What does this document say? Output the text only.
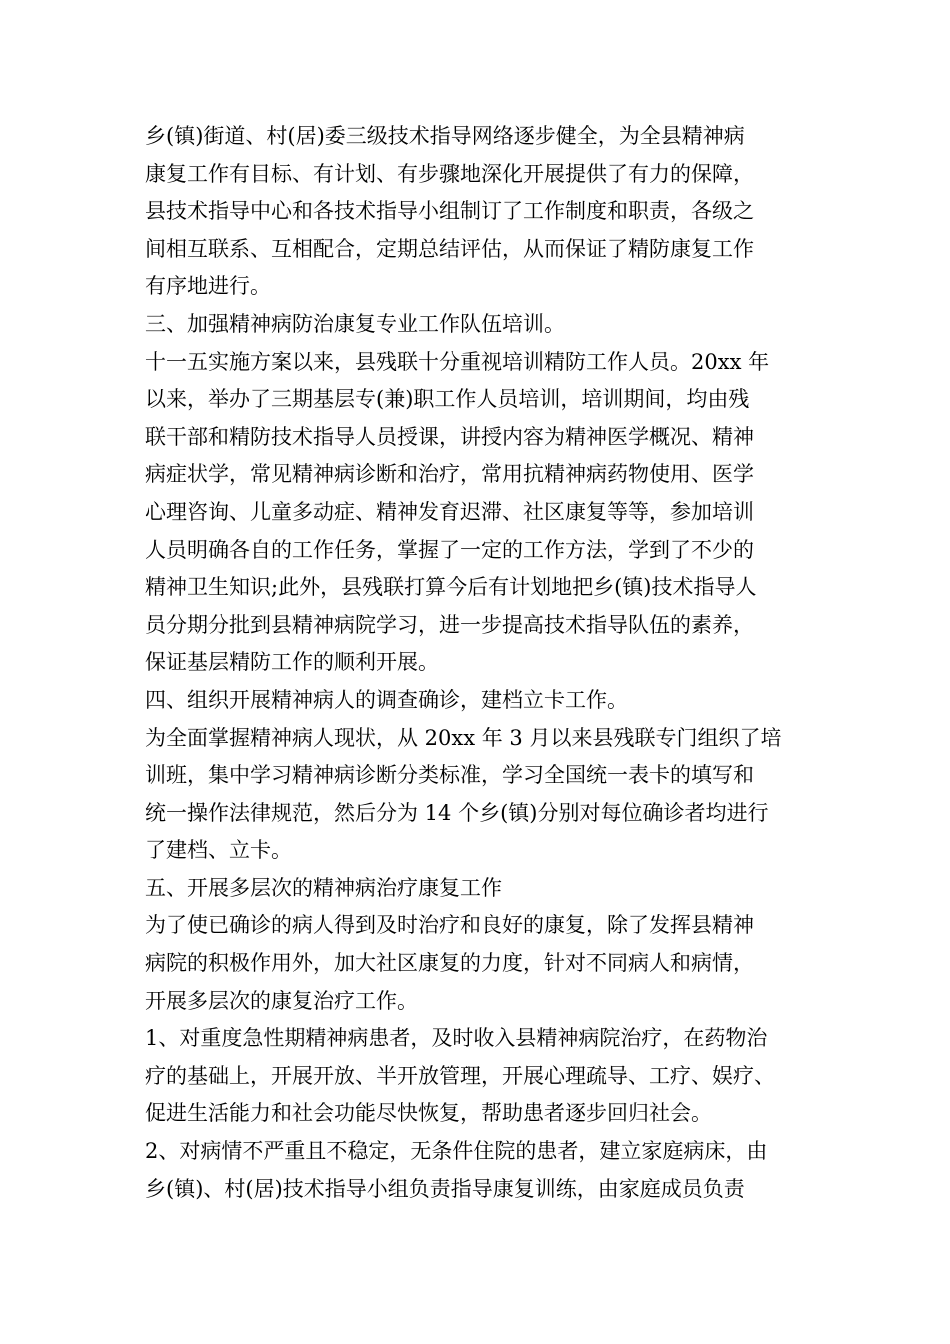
乡(镇)街道、村(居)委三级技术指导网络逐步健全，为全县精神病
康复工作有目标、有计划、有步骤地深化开展提供了有力的保障，
县技术指导中心和各技术指导小组制订了工作制度和职责，各级之
间相互联系、互相配合，定期总结评估，从而保证了精防康复工作
有序地进行。
三、加强精神病防治康复专业工作队伍培训。
十一五实施方案以来，县残联十分重视培训精防工作人员。20xx 年
以来，举办了三期基层专(兼)职工作人员培训，培训期间，均由残
联干部和精防技术指导人员授课，讲授内容为精神医学概况、精神
病症状学，常见精神病诊断和治疗，常用抗精神病药物使用、医学
心理咨询、儿童多动症、精神发育迟滞、社区康复等等，参加培训
人员明确各自的工作任务，掌握了一定的工作方法，学到了不少的
精神卫生知识;此外，县残联打算今后有计划地把乡(镇)技术指导人
员分期分批到县精神病院学习，进一步提高技术指导队伍的素养，
保证基层精防工作的顺利开展。
四、组织开展精神病人的调查确诊，建档立卡工作。
为全面掌握精神病人现状，从 20xx 年 3 月以来县残联专门组织了培
训班，集中学习精神病诊断分类标准，学习全国统一表卡的填写和
统一操作法律规范，然后分为 14 个乡(镇)分别对每位确诊者均进行
了建档、立卡。
五、开展多层次的精神病治疗康复工作
为了使已确诊的病人得到及时治疗和良好的康复，除了发挥县精神
病院的积极作用外，加大社区康复的力度，针对不同病人和病情，
开展多层次的康复治疗工作。
1、对重度急性期精神病患者，及时收入县精神病院治疗，在药物治
疗的基础上，开展开放、半开放管理，开展心理疏导、工疗、娱疗、
促进生活能力和社会功能尽快恢复，帮助患者逐步回归社会。
2、对病情不严重且不稳定，无条件住院的患者，建立家庭病床，由
乡(镇)、村(居)技术指导小组负责指导康复训练，由家庭成员负责
